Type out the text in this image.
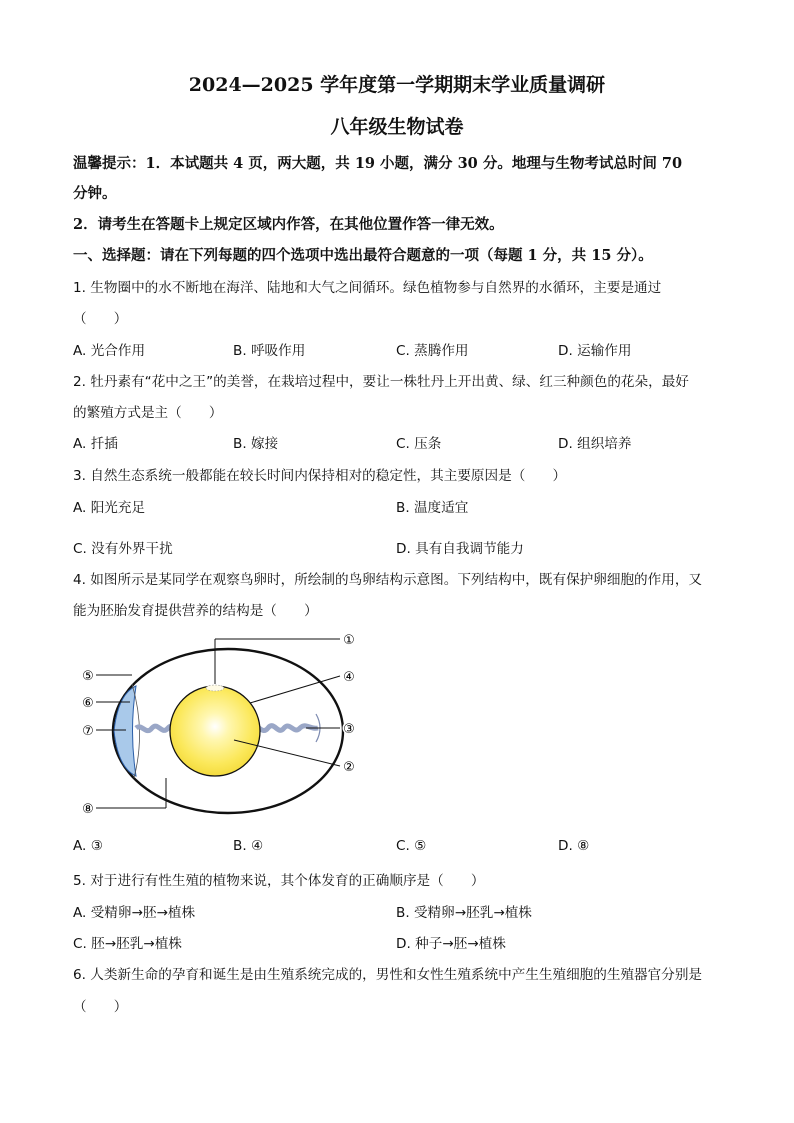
2024—2025 学年度第一学期期末学业质量调研
八年级生物试卷
温馨提示：1．本试题共 4 页，两大题，共 19 小题，满分 30 分。地理与生物考试总时间 70
分钟。
2．请考生在答题卡上规定区域内作答，在其他位置作答一律无效。
一、选择题：请在下列每题的四个选项中选出最符合题意的一项（每题 1 分，共 15 分）。
1. 生物圈中的水不断地在海洋、陆地和大气之间循环。绿色植物参与自然界的水循环，主要是通过
（　　）
A. 光合作用	B. 呼吸作用	C. 蒸腾作用	D. 运输作用
2. 牡丹素有“花中之王”的美誉，在栽培过程中，要让一株牡丹上开出黄、绿、红三种颜色的花朵，最好
的繁殖方式是主（　　）
A. 扦插	B. 嫁接	C. 压条	D. 组织培养
3. 自然生态系统一般都能在较长时间内保持相对的稳定性，其主要原因是（　　）
A. 阳光充足	B. 温度适宜
C. 没有外界干扰	D. 具有自我调节能力
4. 如图所示是某同学在观察鸟卵时，所绘制的鸟卵结构示意图。下列结构中，既有保护卵细胞的作用，又
能为胚胎发育提供营养的结构是（　　）
①
④
③
②
⑤
⑥
⑦
⑧
A. ③	B. ④	C. ⑤	D. ⑧
5. 对于进行有性生殖的植物来说，其个体发育的正确顺序是（　　）
A. 受精卵→胚→植株	B. 受精卵→胚乳→植株
C. 胚→胚乳→植株	D. 种子→胚→植株
6. 人类新生命的孕育和诞生是由生殖系统完成的，男性和女性生殖系统中产生生殖细胞的生殖器官分别是
（　　）
